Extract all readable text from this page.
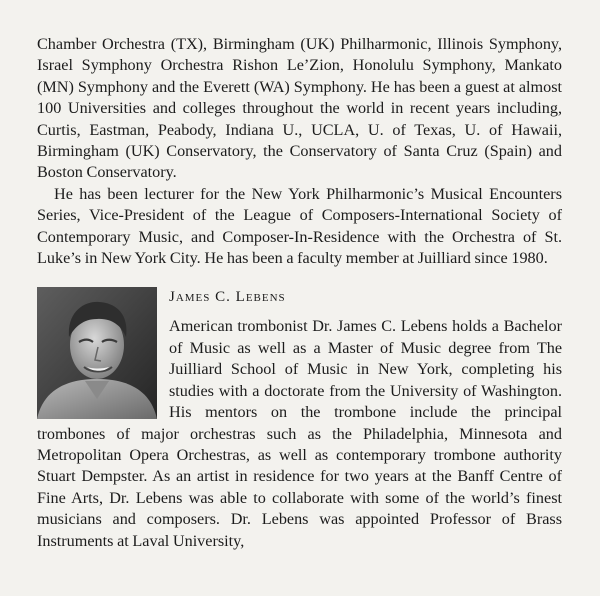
Chamber Orchestra (TX), Birmingham (UK) Philharmonic, Illinois Symphony, Israel Symphony Orchestra Rishon Le’Zion, Honolulu Symphony, Mankato (MN) Symphony and the Everett (WA) Symphony. He has been a guest at almost 100 Universities and colleges throughout the world in recent years including, Curtis, Eastman, Peabody, Indiana U., UCLA, U. of Texas, U. of Hawaii, Birmingham (UK) Conservatory, the Conservatory of Santa Cruz (Spain) and Boston Conservatory.

He has been lecturer for the New York Philharmonic’s Musical Encounters Series, Vice-President of the League of Composers-International Society of Contemporary Music, and Composer-In-Residence with the Orchestra of St. Luke’s in New York City. He has been a faculty member at Juilliard since 1980.

James C. Lebens

American trombonist Dr. James C. Lebens holds a Bachelor of Music as well as a Master of Music degree from The Juilliard School of Music in New York, completing his studies with a doctorate from the University of Washington. His mentors on the trombone include the principal trombones of major orchestras such as the Philadelphia, Minnesota and Metropolitan Opera Orchestras, as well as contemporary trombone authority Stuart Dempster. As an artist in residence for two years at the Banff Centre of Fine Arts, Dr. Lebens was able to collaborate with some of the world’s finest musicians and composers. Dr. Lebens was appointed Professor of Brass Instruments at Laval University,
